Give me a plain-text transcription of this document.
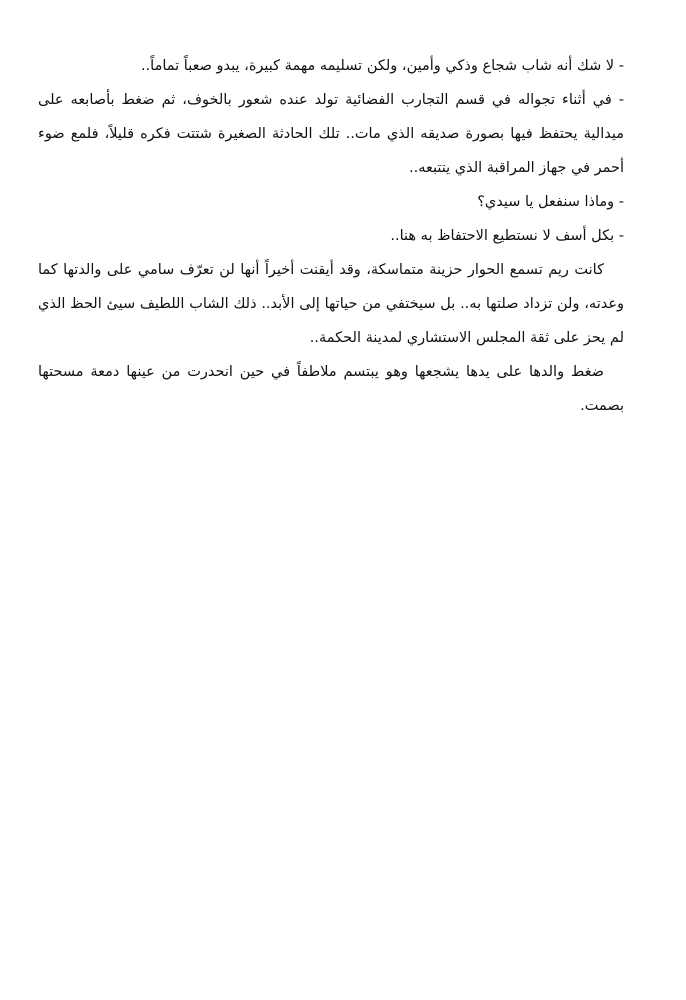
- لا شك أنه شاب شجاع وذكي وأمين، ولكن تسليمه مهمة كبيرة، يبدو صعباً تماماً..

- في أثناء تجواله في قسم التجارب الفضائية تولد عنده شعور بالخوف، ثم ضغط بأصابعه على ميدالية يحتفظ فيها بصورة صديقه الذي مات.. تلك الحادثة الصغيرة شتتت فكره قليلاً، فلمع ضوء أحمر في جهاز المراقبة الذي يتتبعه..

- وماذا سنفعل يا سيدي؟

- بكل أسف لا نستطيع الاحتفاظ به هنا..

كانت ريم تسمع الحوار حزينة متماسكة، وقد أيقنت أخيراً أنها لن تعرّف سامي على والدتها كما وعدته، ولن تزداد صلتها به.. بل سيختفي من حياتها إلى الأبد.. ذلك الشاب اللطيف سيئ الحظ الذي لم يحز على ثقة المجلس الاستشاري لمدينة الحكمة..

ضغط والدها على يدها يشجعها وهو يبتسم ملاطفاً في حين انحدرت من عينها دمعة مسحتها بصمت.
